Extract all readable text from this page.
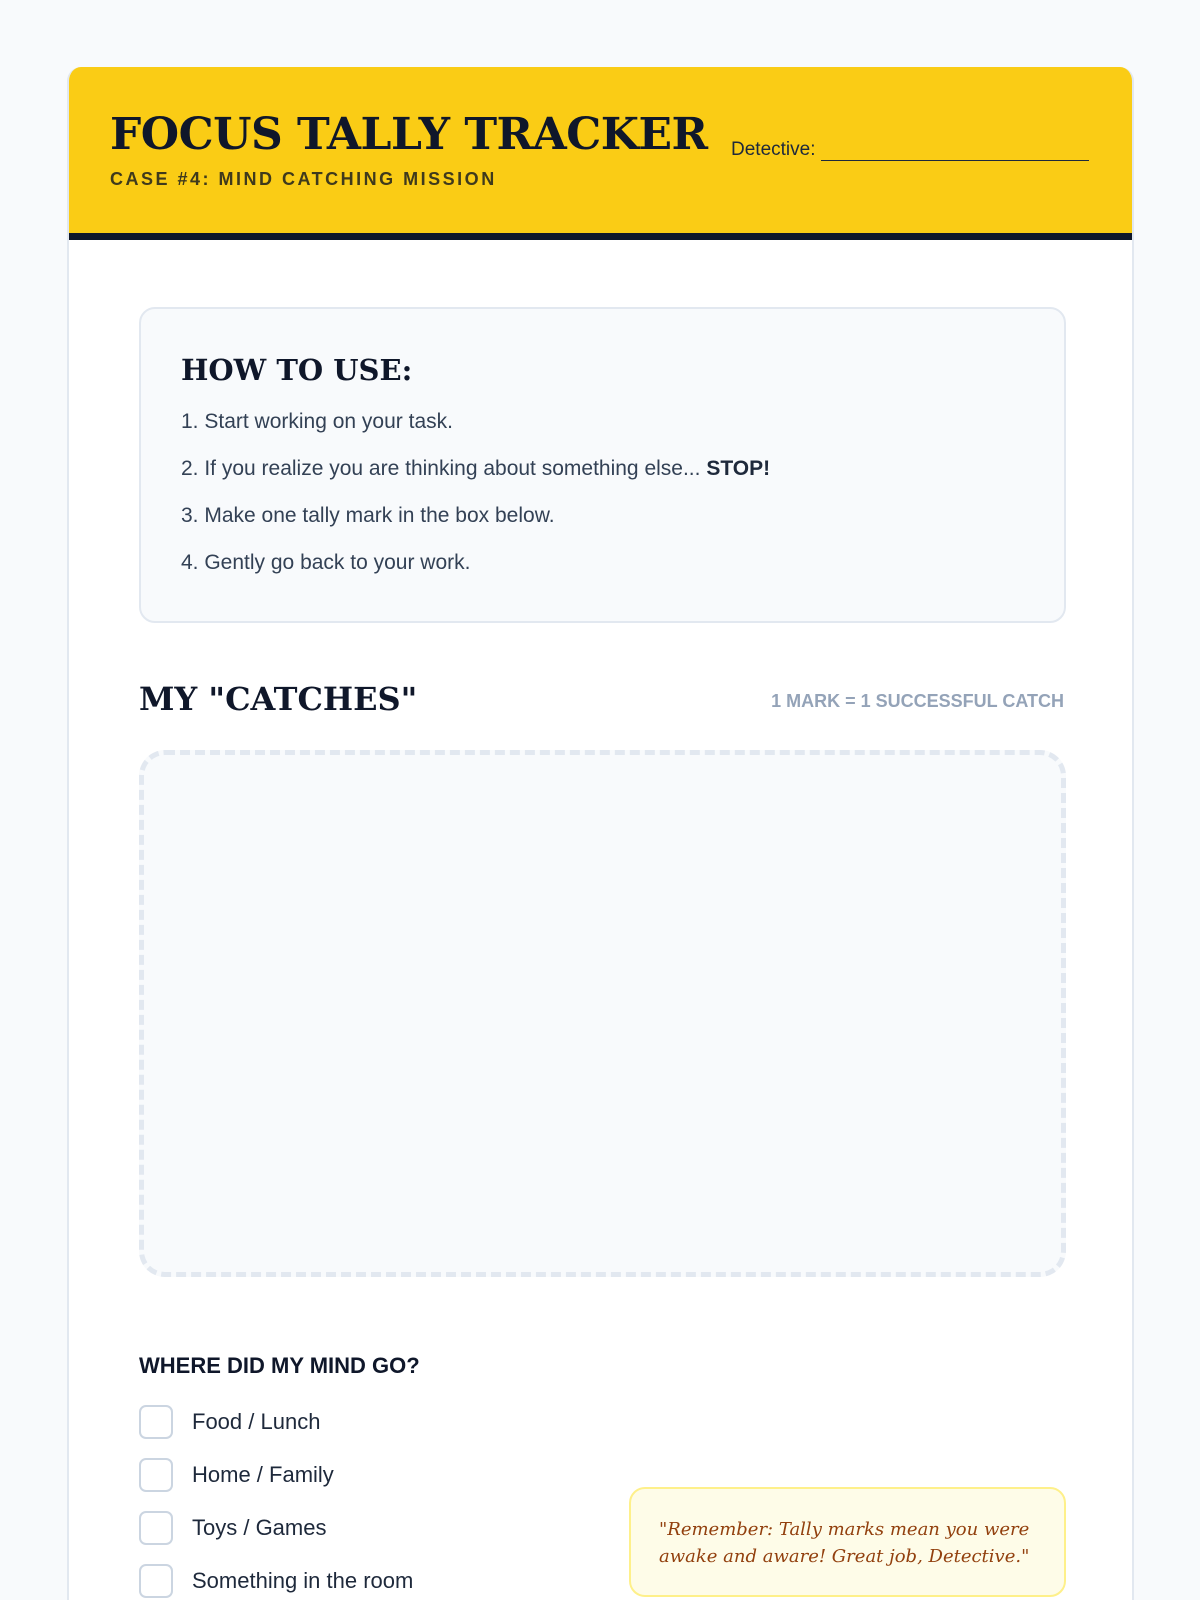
FOCUS TALLY TRACKER
CASE #4: MIND CATCHING MISSION
Detective:
HOW TO USE:
1. Start working on your task.
2. If you realize you are thinking about something else... STOP!
3. Make one tally mark in the box below.
4. Gently go back to your work.
MY "CATCHES"	1 MARK = 1 SUCCESSFUL CATCH
WHERE DID MY MIND GO?
Food / Lunch
Home / Family
Toys / Games
Something in the room
"Remember: Tally marks mean you were awake and aware! Great job, Detective."
